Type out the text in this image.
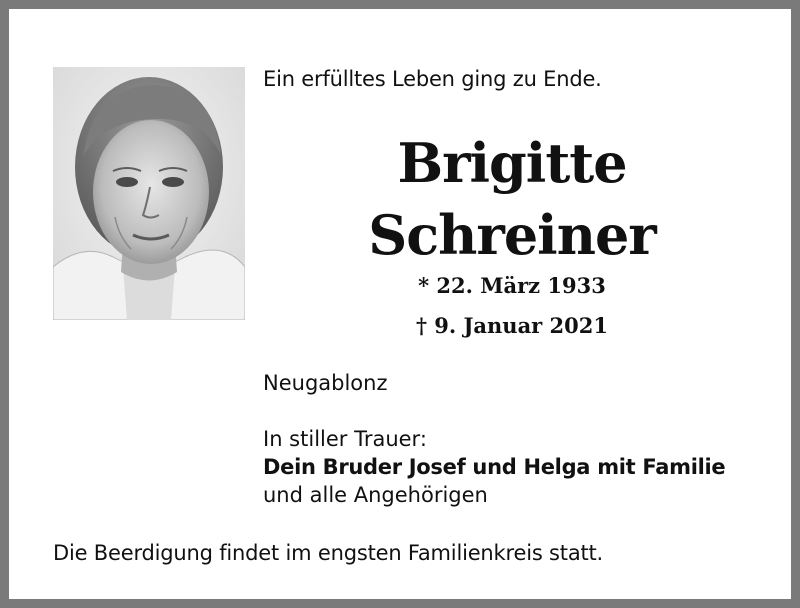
Ein erfülltes Leben ging zu Ende.
Brigitte
Schreiner
* 22. März 1933
† 9. Januar 2021
Neugablonz
In stiller Trauer:
Dein Bruder Josef und Helga mit Familie
und alle Angehörigen
Die Beerdigung findet im engsten Familienkreis statt.
